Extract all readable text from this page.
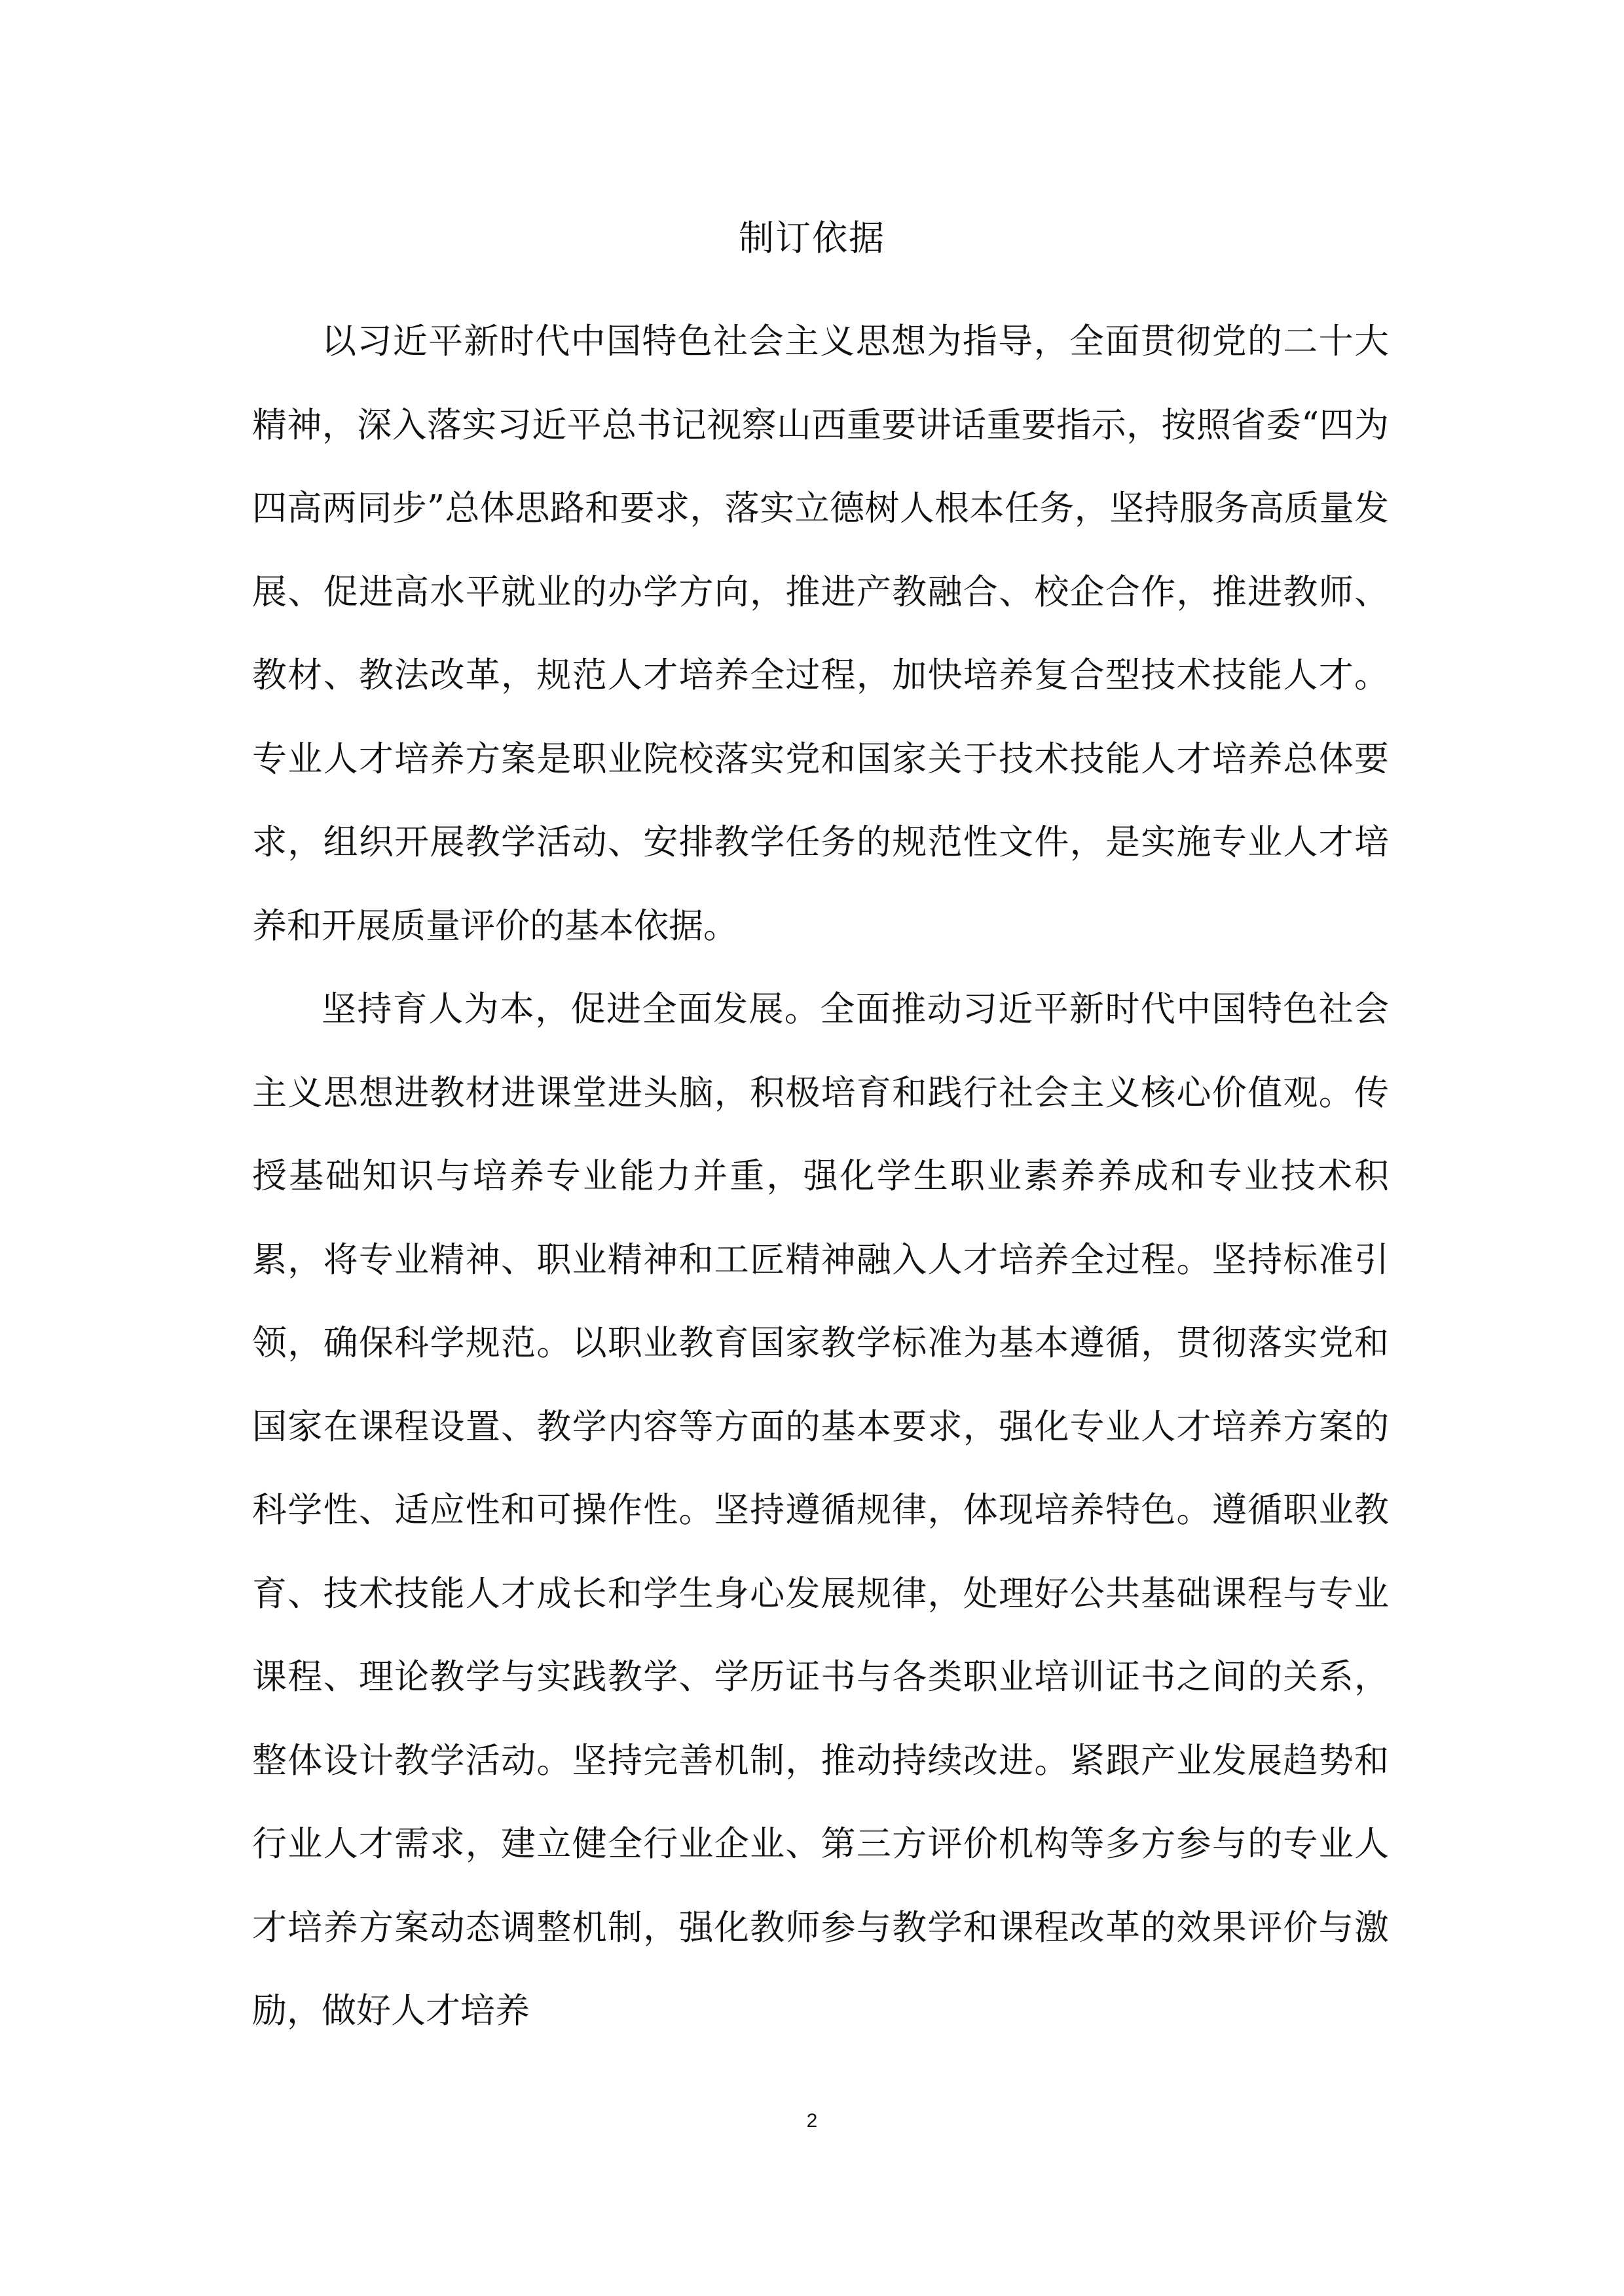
制订依据

以习近平新时代中国特色社会主义思想为指导，全面贯彻党的二十大精神，深入落实习近平总书记视察山西重要讲话重要指示，按照省委“四为四高两同步”总体思路和要求，落实立德树人根本任务，坚持服务高质量发展、促进高水平就业的办学方向，推进产教融合、校企合作，推进教师、教材、教法改革，规范人才培养全过程，加快培养复合型技术技能人才。专业人才培养方案是职业院校落实党和国家关于技术技能人才培养总体要求，组织开展教学活动、安排教学任务的规范性文件，是实施专业人才培养和开展质量评价的基本依据。

坚持育人为本，促进全面发展。全面推动习近平新时代中国特色社会主义思想进教材进课堂进头脑，积极培育和践行社会主义核心价值观。传授基础知识与培养专业能力并重，强化学生职业素养养成和专业技术积累，将专业精神、职业精神和工匠精神融入人才培养全过程。坚持标准引领，确保科学规范。以职业教育国家教学标准为基本遵循，贯彻落实党和国家在课程设置、教学内容等方面的基本要求，强化专业人才培养方案的科学性、适应性和可操作性。坚持遵循规律，体现培养特色。遵循职业教育、技术技能人才成长和学生身心发展规律，处理好公共基础课程与专业课程、理论教学与实践教学、学历证书与各类职业培训证书之间的关系，整体设计教学活动。坚持完善机制，推动持续改进。紧跟产业发展趋势和行业人才需求，建立健全行业企业、第三方评价机构等多方参与的专业人才培养方案动态调整机制，强化教师参与教学和课程改革的效果评价与激励，做好人才培养

2
